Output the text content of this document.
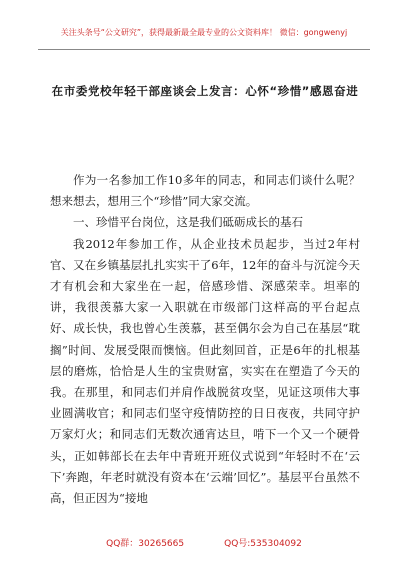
关注头条号“公文研究”，获得最新最全最专业的公文资料库！ 微信：gongwenyj
在市委党校年轻干部座谈会上发言：心怀“珍惜”感恩奋进

作为一名参加工作10多年的同志，和同志们谈什么呢？想来想去，想用三个“珍惜”同大家交流。

一、珍惜平台岗位，这是我们砥砺成长的基石

我2012年参加工作，从企业技术员起步，当过2年村官、又在乡镇基层扎扎实实干了6年，12年的奋斗与沉淀今天才有机会和大家坐在一起，倍感珍惜、深感荣幸。坦率的讲，我很羡慕大家一入职就在市级部门这样高的平台起点好、成长快，我也曾心生羡慕，甚至偶尔会为自己在基层“耽搁”时间、发展受限而懊恼。但此刻回首，正是6年的扎根基层的磨炼，恰恰是人生的宝贵财富，实实在在塑造了今天的我。在那里，和同志们并肩作战脱贫攻坚，见证这项伟大事业圆满收官；和同志们坚守疫情防控的日日夜夜，共同守护万家灯火；和同志们无数次通宵达旦，啃下一个又一个硬骨头，正如韩部长在去年中青班开班仪式说到“年轻时不在‘云下’奔跑，年老时就没有资本在‘云端’回忆”。基层平台虽然不高，但正因为“接地

QQ群：30265665	QQ号:535304092
